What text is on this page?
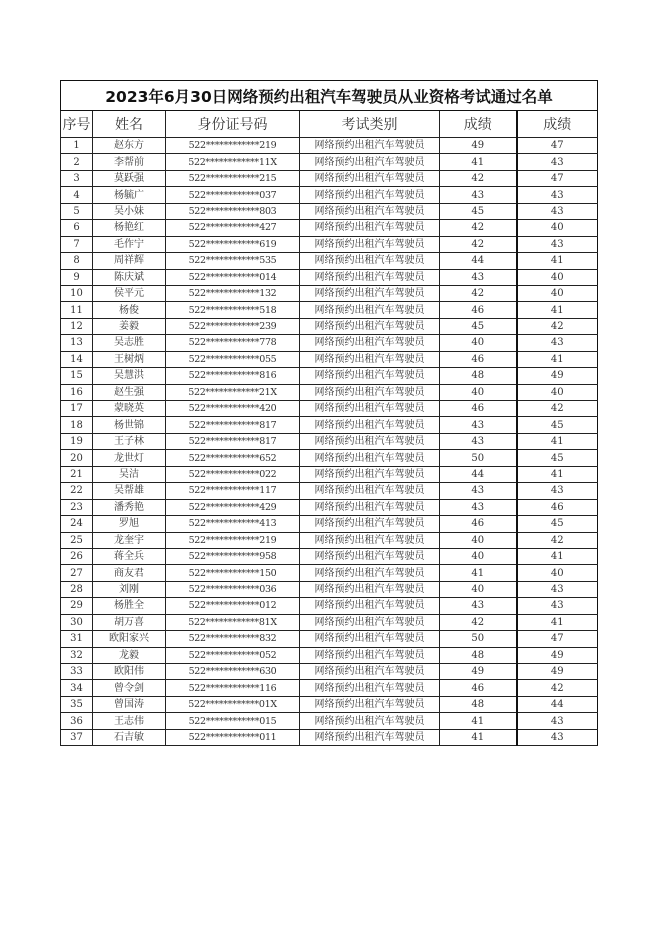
2023年6月30日网络预约出租汽车驾驶员从业资格考试通过名单					
序号	姓名	身份证号码	考试类别	成绩	成绩
1	赵东方	522************219	网络预约出租汽车驾驶员	49	47
2	李帮前	522************11X	网络预约出租汽车驾驶员	41	43
3	莫跃强	522************215	网络预约出租汽车驾驶员	42	47
4	杨毓广	522************037	网络预约出租汽车驾驶员	43	43
5	吴小妹	522************803	网络预约出租汽车驾驶员	45	43
6	杨艳红	522************427	网络预约出租汽车驾驶员	42	40
7	毛作宁	522************619	网络预约出租汽车驾驶员	42	43
8	周祥辉	522************535	网络预约出租汽车驾驶员	44	41
9	陈庆斌	522************014	网络预约出租汽车驾驶员	43	40
10	侯平元	522************132	网络预约出租汽车驾驶员	42	40
11	杨俊	522************518	网络预约出租汽车驾驶员	46	41
12	姜毅	522************239	网络预约出租汽车驾驶员	45	42
13	吴志胜	522************778	网络预约出租汽车驾驶员	40	43
14	王树炳	522************055	网络预约出租汽车驾驶员	46	41
15	吴慧洪	522************816	网络预约出租汽车驾驶员	48	49
16	赵生强	522************21X	网络预约出租汽车驾驶员	40	40
17	蒙晓英	522************420	网络预约出租汽车驾驶员	46	42
18	杨世锦	522************817	网络预约出租汽车驾驶员	43	45
19	王子林	522************817	网络预约出租汽车驾驶员	43	41
20	龙世灯	522************652	网络预约出租汽车驾驶员	50	45
21	吴洁	522************022	网络预约出租汽车驾驶员	44	41
22	吴帮雄	522************117	网络预约出租汽车驾驶员	43	43
23	潘秀艳	522************429	网络预约出租汽车驾驶员	43	46
24	罗旭	522************413	网络预约出租汽车驾驶员	46	45
25	龙奎宇	522************219	网络预约出租汽车驾驶员	40	42
26	蒋全兵	522************958	网络预约出租汽车驾驶员	40	41
27	商友君	522************150	网络预约出租汽车驾驶员	41	40
28	刘刚	522************036	网络预约出租汽车驾驶员	40	43
29	杨胜全	522************012	网络预约出租汽车驾驶员	43	43
30	胡万喜	522************81X	网络预约出租汽车驾驶员	42	41
31	欧阳家兴	522************832	网络预约出租汽车驾驶员	50	47
32	龙毅	522************052	网络预约出租汽车驾驶员	48	49
33	欧阳伟	522************630	网络预约出租汽车驾驶员	49	49
34	曾令剑	522************116	网络预约出租汽车驾驶员	46	42
35	曾国涛	522************01X	网络预约出租汽车驾驶员	48	44
36	王志伟	522************015	网络预约出租汽车驾驶员	41	43
37	石吉敏	522************011	网络预约出租汽车驾驶员	41	43
